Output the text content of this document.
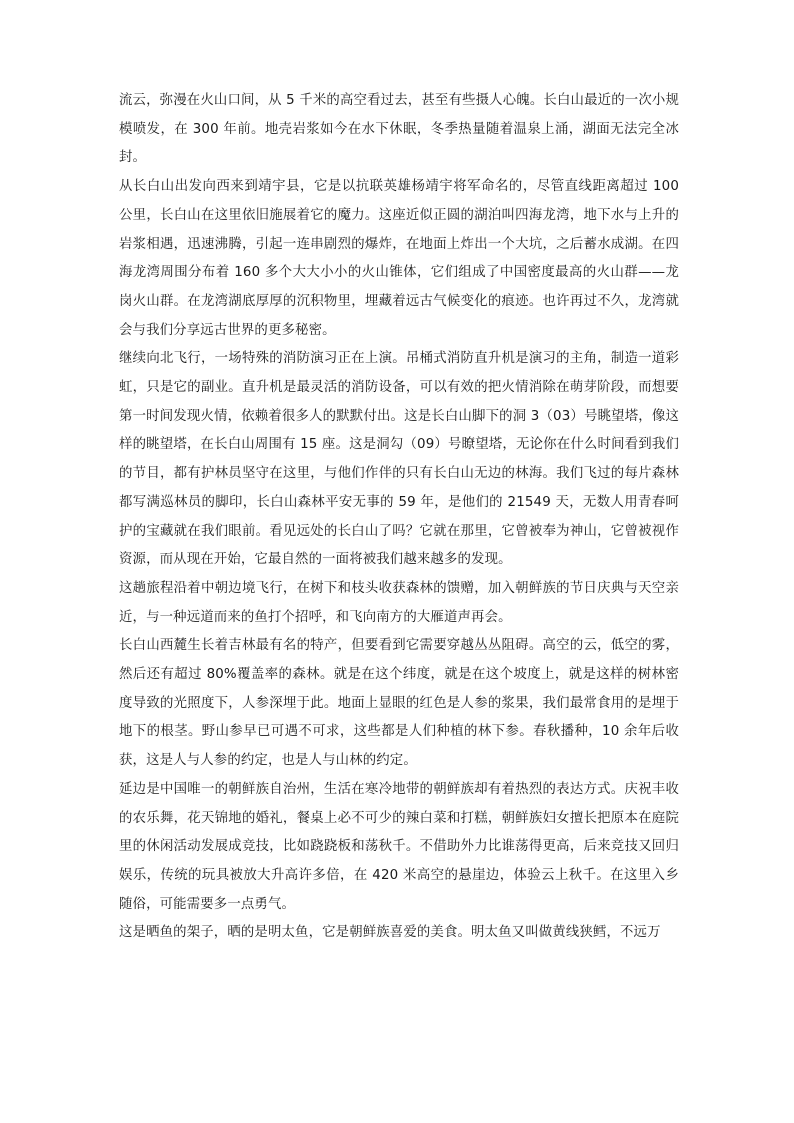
流云，弥漫在火山口间，从 5 千米的高空看过去，甚至有些摄人心魄。长白山最近的一次小规模喷发，在 300 年前。地壳岩浆如今在水下休眠，冬季热量随着温泉上涌，湖面无法完全冰封。

从长白山出发向西来到靖宇县，它是以抗联英雄杨靖宇将军命名的，尽管直线距离超过 100 公里，长白山在这里依旧施展着它的魔力。这座近似正圆的湖泊叫四海龙湾，地下水与上升的岩浆相遇，迅速沸腾，引起一连串剧烈的爆炸，在地面上炸出一个大坑，之后蓄水成湖。在四海龙湾周围分布着 160 多个大大小小的火山锥体，它们组成了中国密度最高的火山群——龙岗火山群。在龙湾湖底厚厚的沉积物里，埋藏着远古气候变化的痕迹。也许再过不久，龙湾就会与我们分享远古世界的更多秘密。

继续向北飞行，一场特殊的消防演习正在上演。吊桶式消防直升机是演习的主角，制造一道彩虹，只是它的副业。直升机是最灵活的消防设备，可以有效的把火情消除在萌芽阶段，而想要第一时间发现火情，依赖着很多人的默默付出。这是长白山脚下的洞 3（03）号眺望塔，像这样的眺望塔，在长白山周围有 15 座。这是洞勾（09）号瞭望塔，无论你在什么时间看到我们的节目，都有护林员坚守在这里，与他们作伴的只有长白山无边的林海。我们飞过的每片森林都写满巡林员的脚印，长白山森林平安无事的 59 年，是他们的 21549 天，无数人用青春呵护的宝藏就在我们眼前。看见远处的长白山了吗？它就在那里，它曾被奉为神山，它曾被视作资源，而从现在开始，它最自然的一面将被我们越来越多的发现。

这趟旅程沿着中朝边境飞行，在树下和枝头收获森林的馈赠，加入朝鲜族的节日庆典与天空亲近，与一种远道而来的鱼打个招呼，和飞向南方的大雁道声再会。

长白山西麓生长着吉林最有名的特产，但要看到它需要穿越丛丛阻碍。高空的云，低空的雾，然后还有超过 80%覆盖率的森林。就是在这个纬度，就是在这个坡度上，就是这样的树林密度导致的光照度下，人参深埋于此。地面上显眼的红色是人参的浆果，我们最常食用的是埋于地下的根茎。野山参早已可遇不可求，这些都是人们种植的林下参。春秋播种，10 余年后收获，这是人与人参的约定，也是人与山林的约定。

延边是中国唯一的朝鲜族自治州，生活在寒冷地带的朝鲜族却有着热烈的表达方式。庆祝丰收的农乐舞，花天锦地的婚礼，餐桌上必不可少的辣白菜和打糕，朝鲜族妇女擅长把原本在庭院里的休闲活动发展成竞技，比如跷跷板和荡秋千。不借助外力比谁荡得更高，后来竞技又回归娱乐，传统的玩具被放大升高许多倍，在 420 米高空的悬崖边，体验云上秋千。在这里入乡随俗，可能需要多一点勇气。

这是晒鱼的架子，晒的是明太鱼，它是朝鲜族喜爱的美食。明太鱼又叫做黄线狭鳕，不远万
